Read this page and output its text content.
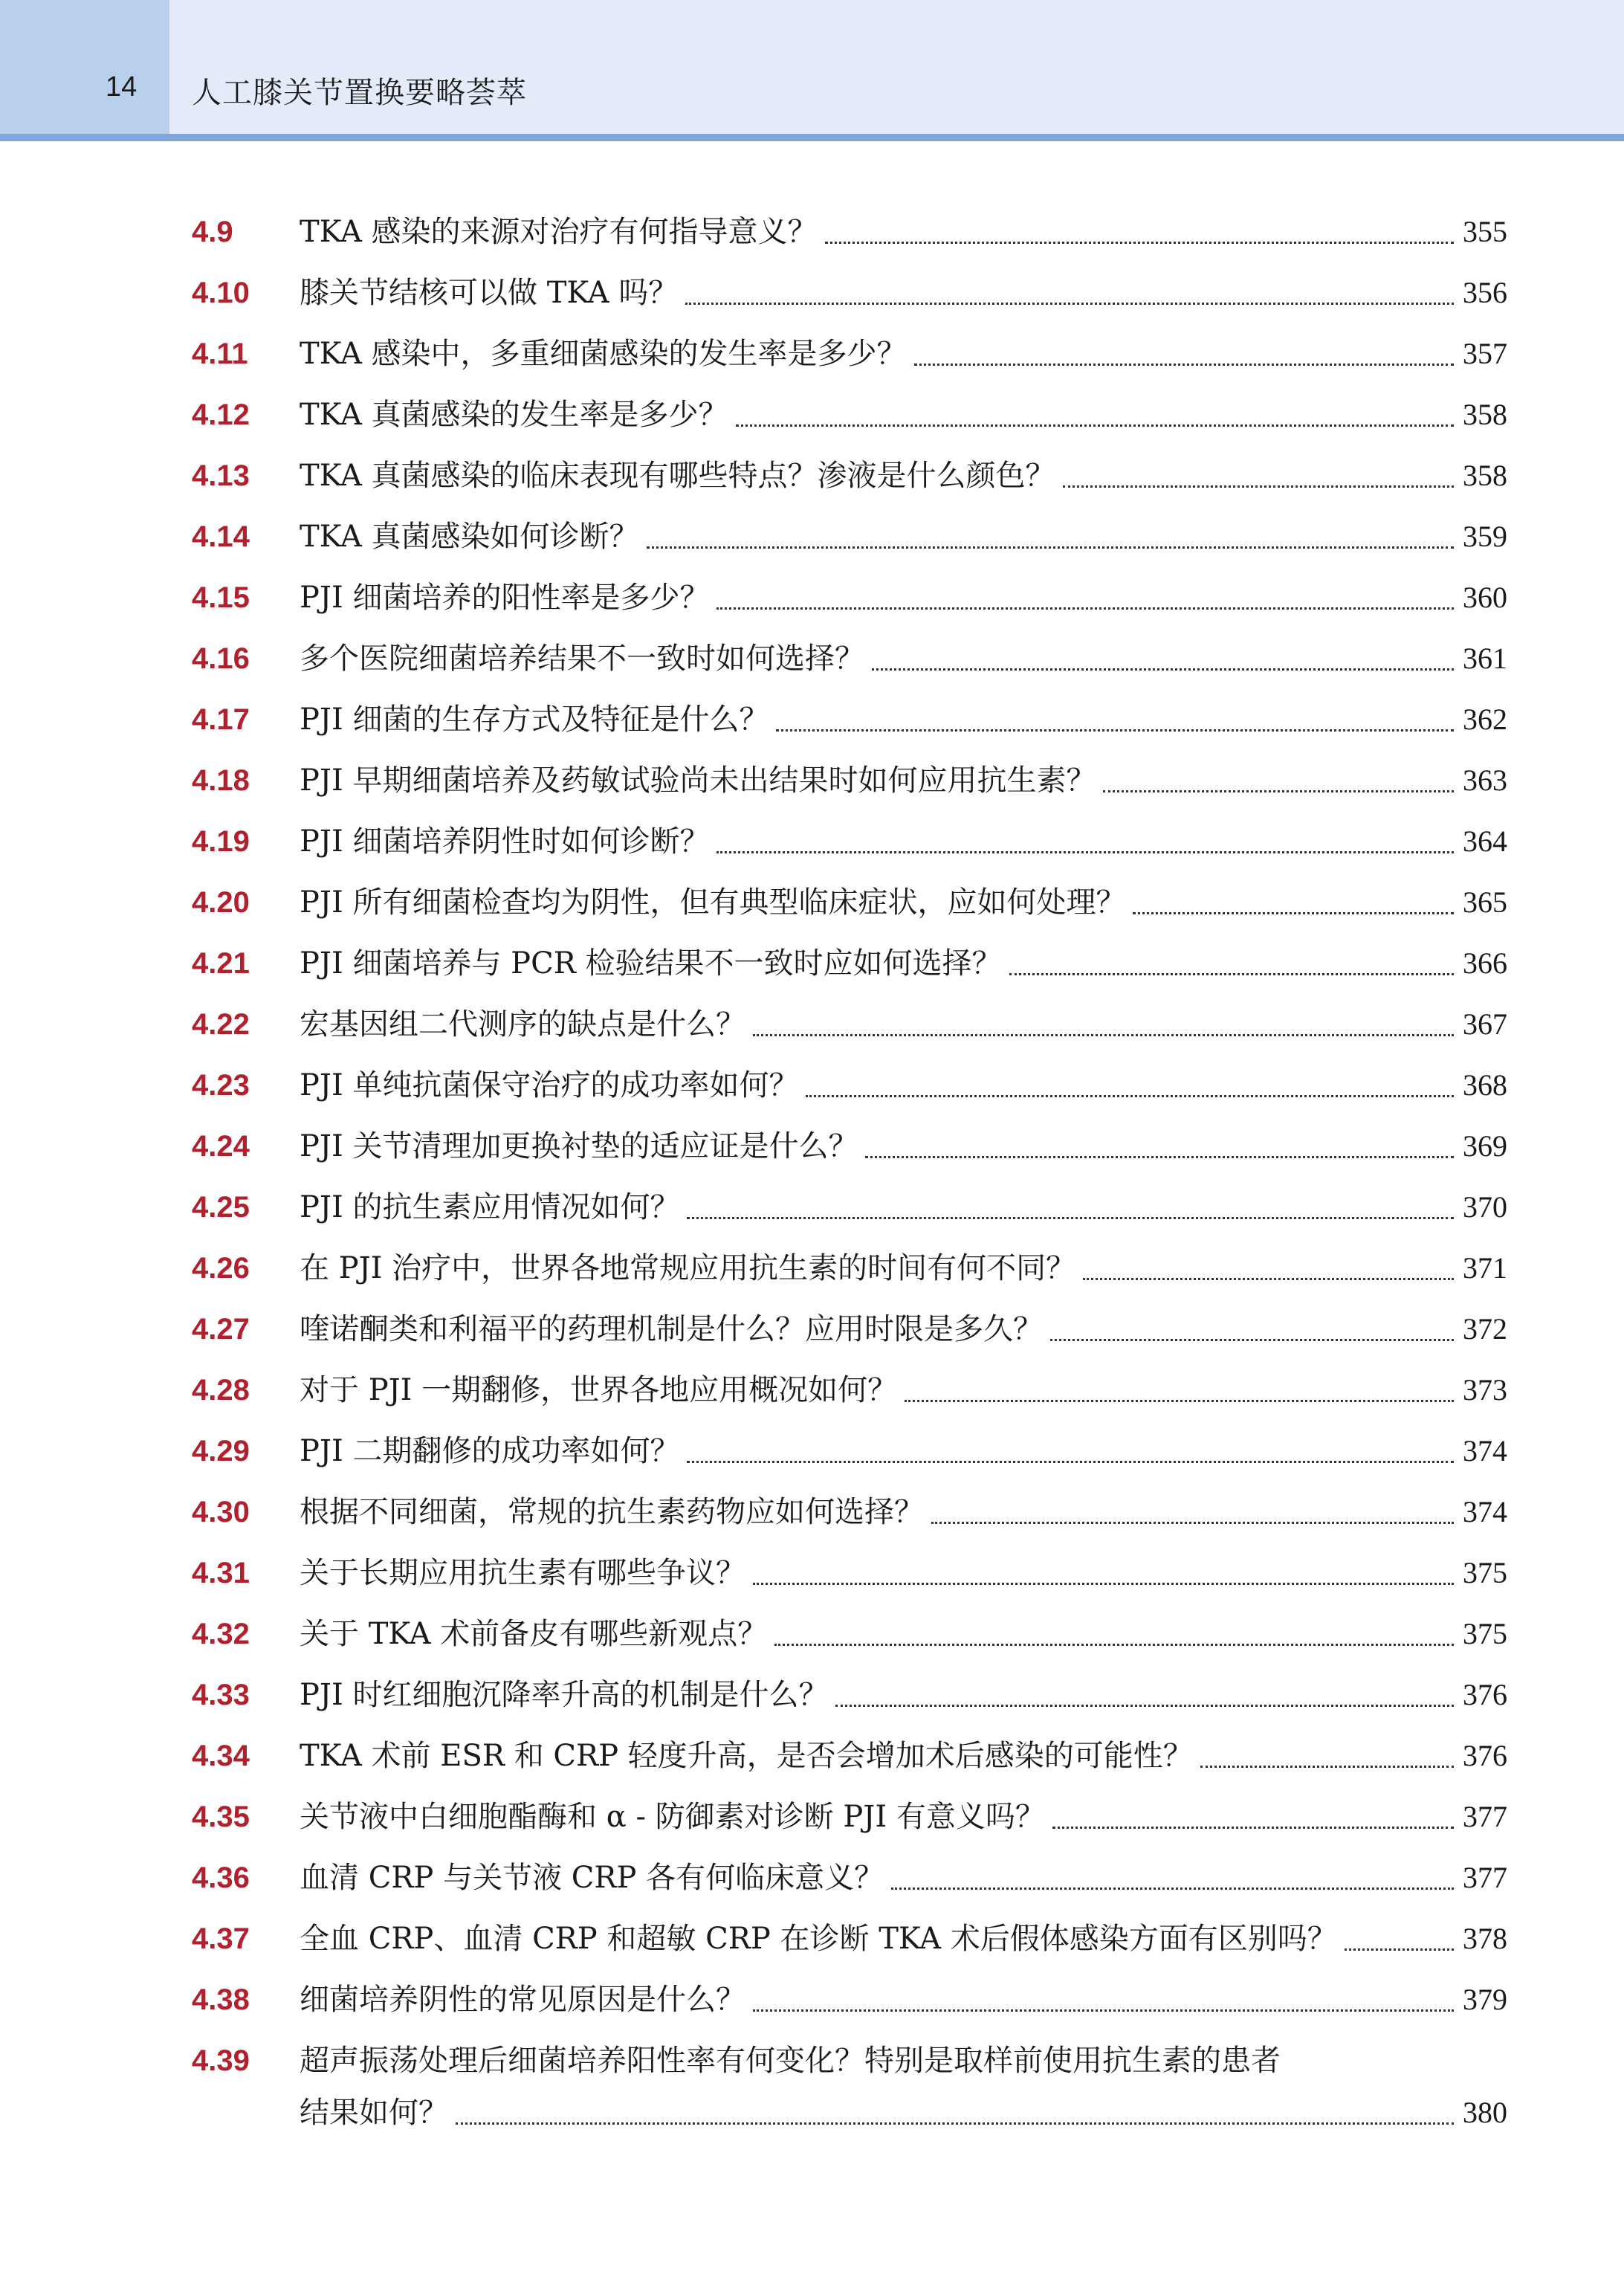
14 人工膝关节置换要略荟萃
4.9	TKA 感染的来源对治疗有何指导意义？	355
4.10	膝关节结核可以做 TKA 吗？	356
4.11	TKA 感染中，多重细菌感染的发生率是多少？	357
4.12	TKA 真菌感染的发生率是多少？	358
4.13	TKA 真菌感染的临床表现有哪些特点？渗液是什么颜色？	358
4.14	TKA 真菌感染如何诊断？	359
4.15	PJI 细菌培养的阳性率是多少？	360
4.16	多个医院细菌培养结果不一致时如何选择？	361
4.17	PJI 细菌的生存方式及特征是什么？	362
4.18	PJI 早期细菌培养及药敏试验尚未出结果时如何应用抗生素？	363
4.19	PJI 细菌培养阴性时如何诊断？	364
4.20	PJI 所有细菌检查均为阴性，但有典型临床症状，应如何处理？	365
4.21	PJI 细菌培养与 PCR 检验结果不一致时应如何选择？	366
4.22	宏基因组二代测序的缺点是什么？	367
4.23	PJI 单纯抗菌保守治疗的成功率如何？	368
4.24	PJI 关节清理加更换衬垫的适应证是什么？	369
4.25	PJI 的抗生素应用情况如何？	370
4.26	在 PJI 治疗中，世界各地常规应用抗生素的时间有何不同？	371
4.27	喹诺酮类和利福平的药理机制是什么？应用时限是多久？	372
4.28	对于 PJI 一期翻修，世界各地应用概况如何？	373
4.29	PJI 二期翻修的成功率如何？	374
4.30	根据不同细菌，常规的抗生素药物应如何选择？	374
4.31	关于长期应用抗生素有哪些争议？	375
4.32	关于 TKA 术前备皮有哪些新观点？	375
4.33	PJI 时红细胞沉降率升高的机制是什么？	376
4.34	TKA 术前 ESR 和 CRP 轻度升高，是否会增加术后感染的可能性？	376
4.35	关节液中白细胞酯酶和 α - 防御素对诊断 PJI 有意义吗？	377
4.36	血清 CRP 与关节液 CRP 各有何临床意义？	377
4.37	全血 CRP、血清 CRP 和超敏 CRP 在诊断 TKA 术后假体感染方面有区别吗？	378
4.38	细菌培养阴性的常见原因是什么？	379
4.39	超声振荡处理后细菌培养阳性率有何变化？特别是取样前使用抗生素的患者
结果如何？	380
